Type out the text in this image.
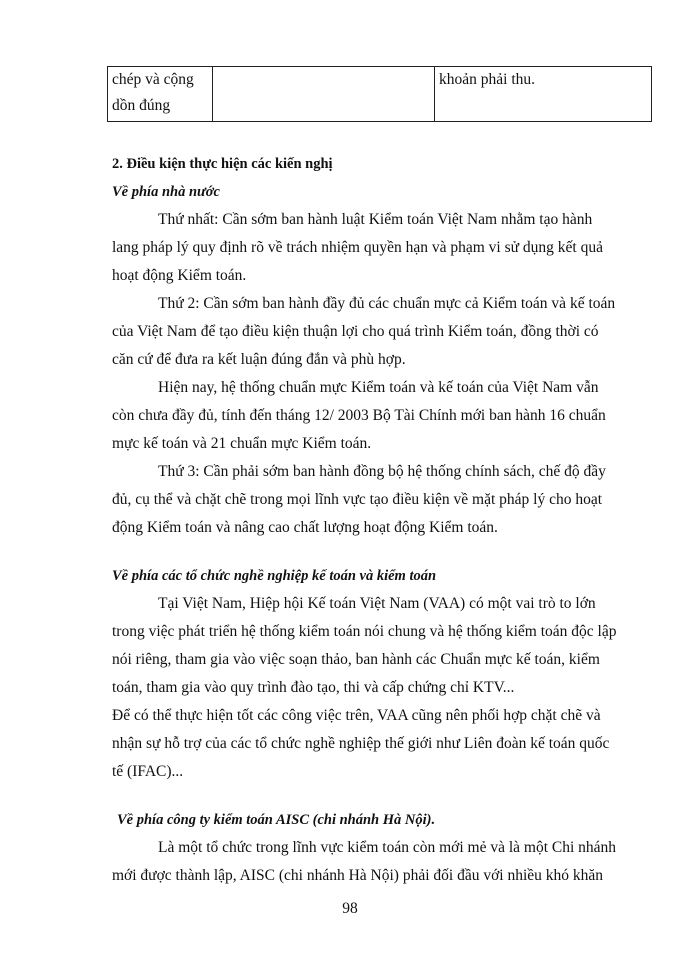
chép và cộng
dồn đúng
		khoản phải thu.
2. Điều kiện thực hiện các kiến nghị
Về phía nhà nước
Thứ nhất: Cần sớm ban hành luật Kiểm toán Việt Nam nhằm tạo hành
lang pháp lý quy định rõ về trách nhiệm quyền hạn và phạm vi sử dụng kết quả
hoạt động Kiểm toán.
Thứ 2: Cần sớm ban hành đầy đủ các chuẩn mực cả Kiểm toán và kế toán
của Việt Nam để tạo điều kiện thuận lợi cho quá trình Kiểm toán, đồng thời có
căn cứ để đưa ra kết luận đúng đắn và phù hợp.
Hiện nay, hệ thống chuẩn mực Kiểm toán và kế toán của Việt Nam vẫn
còn chưa đầy đủ, tính đến tháng 12/ 2003 Bộ Tài Chính mới ban hành 16 chuẩn
mực kế toán và 21 chuẩn mực Kiểm toán.
Thứ 3: Cần phải sớm ban hành đồng bộ hệ thống chính sách, chế độ đầy
đủ, cụ thể và chặt chẽ trong mọi lĩnh vực tạo điều kiện về mặt pháp lý cho hoạt
động Kiểm toán và nâng cao chất lượng hoạt động Kiểm toán.
Về phía các tổ chức nghề nghiệp kế toán và kiểm toán
Tại Việt Nam, Hiệp hội Kế toán Việt Nam (VAA) có một vai trò to lớn
trong việc phát triển hệ thống kiểm toán nói chung và hệ thống kiểm toán độc lập
nói riêng, tham gia vào việc soạn thảo, ban hành các Chuẩn mực kế toán, kiểm
toán, tham gia vào quy trình đào tạo, thi và cấp chứng chỉ KTV...
Để có thể thực hiện tốt các công việc trên, VAA cũng nên phối hợp chặt chẽ và
nhận sự hỗ trợ của các tổ chức nghề nghiệp thế giới như Liên đoàn kế toán quốc
tế (IFAC)...
Về phía công ty kiểm toán AISC (chi nhánh Hà Nội).
Là một tổ chức trong lĩnh vực kiểm toán còn mới mẻ và là một Chi nhánh
mới được thành lập, AISC (chi nhánh Hà Nội) phải đối đầu với nhiều khó khăn
98
